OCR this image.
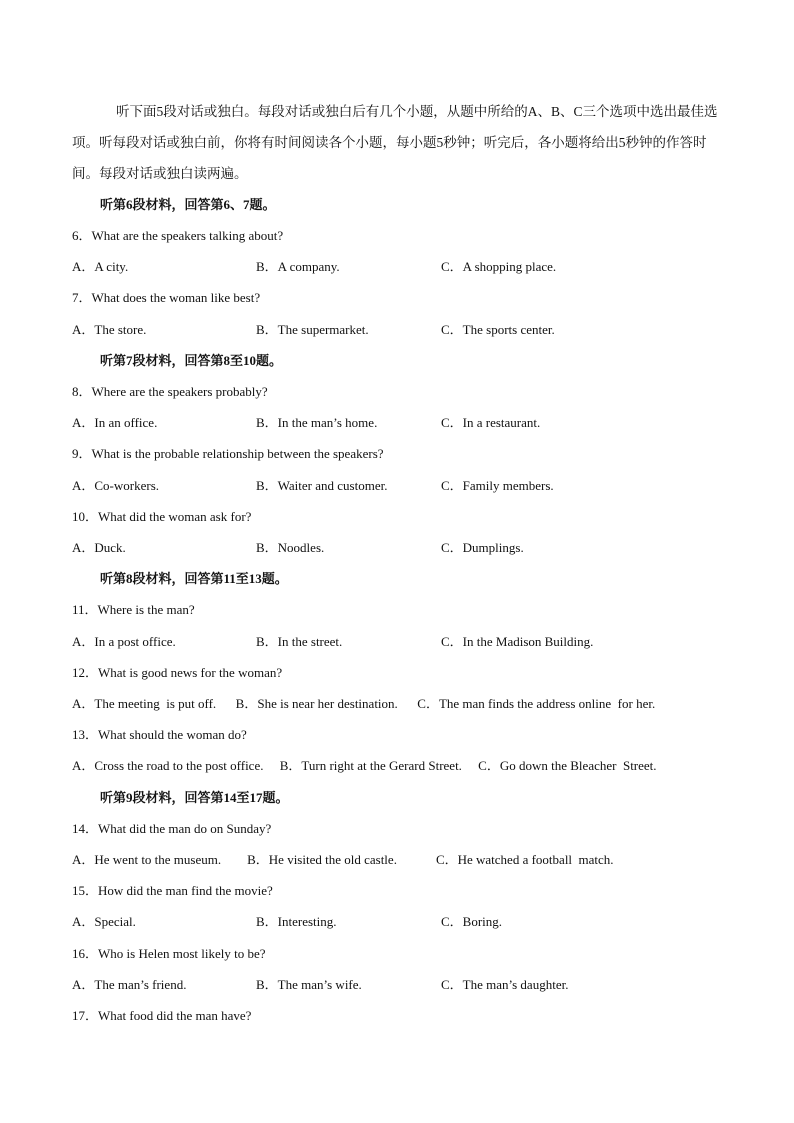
听下面5段对话或独白。每段对话或独白后有几个小题，从题中所给的A、B、C三个选项中选出最佳选项。听每段对话或独白前，你将有时间阅读各个小题，每小题5秒钟；听完后，各小题将给出5秒钟的作答时间。每段对话或独白读两遍。
听第6段材料，回答第6、7题。
6．What are the speakers talking about?
A．A city.	B．A company.	C．A shopping place.
7．What does the woman like best?
A．The store.	B．The supermarket.	C．The sports center.
听第7段材料，回答第8至10题。
8．Where are the speakers probably?
A．In an office.	B．In the man’s home.	C．In a restaurant.
9．What is the probable relationship between the speakers?
A．Co-workers.	B．Waiter and customer.	C．Family members.
10．What did the woman ask for?
A．Duck.	B．Noodles.	C．Dumplings.
听第8段材料，回答第11至13题。
11．Where is the man?
A．In a post office.	B．In the street.	C．In the Madison Building.
12．What is good news for the woman?
A．The meeting  is put off.      B．She is near her destination.      C．The man finds the address online  for her.
13．What should the woman do?
A．Cross the road to the post office.     B．Turn right at the Gerard Street.     C．Go down the Bleacher  Street.
听第9段材料，回答第14至17题。
14．What did the man do on Sunday?
A．He went to the museum.        B．He visited the old castle.            C．He watched a football  match.
15．How did the man find the movie?
A．Special.	B．Interesting.	C．Boring.
16．Who is Helen most likely to be?
A．The man’s friend.	B．The man’s wife.	C．The man’s daughter.
17．What food did the man have?
